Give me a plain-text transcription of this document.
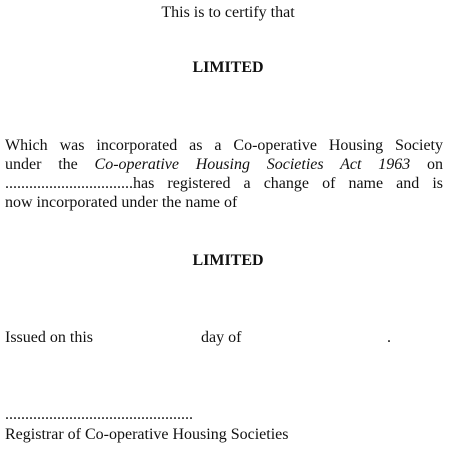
This is to certify that
LIMITED
Which was incorporated as a Co-operative Housing Society
under the Co-operative Housing Societies Act 1963 on
................................has registered a change of name and is
now incorporated under the name of
LIMITED
Issued on this	day of	.
...............................................
Registrar of Co-operative Housing Societies
